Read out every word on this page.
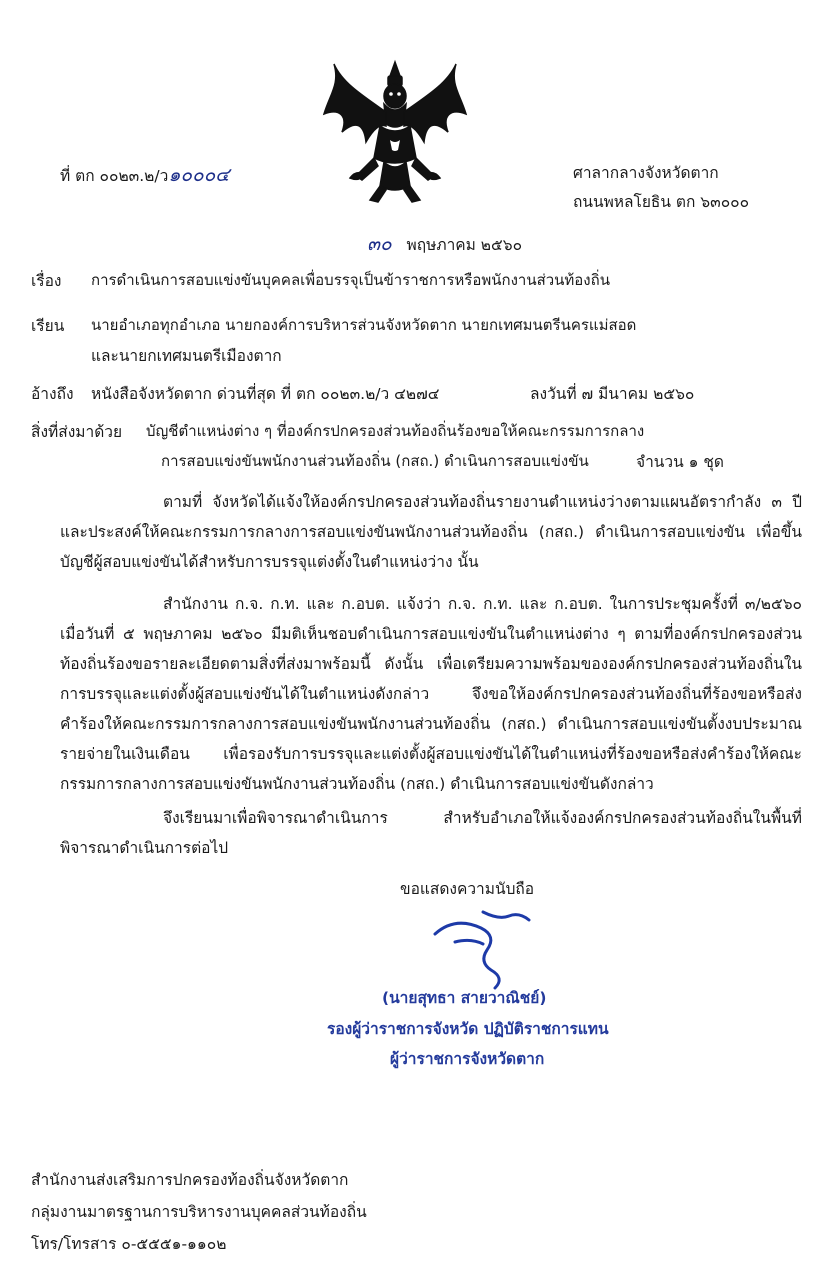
ที่ ตก ๐๐๒๓.๒/ว๑๐๐๐๔	ศาลากลางจังหวัดตาก
ถนนพหลโยธิน ตก ๖๓๐๐๐
๓๐ พฤษภาคม ๒๕๖๐
เรื่อง การดำเนินการสอบแข่งขันบุคคลเพื่อบรรจุเป็นข้าราชการหรือพนักงานส่วนท้องถิ่น
เรียน นายอำเภอทุกอำเภอ นายกองค์การบริหารส่วนจังหวัดตาก นายกเทศมนตรีนครแม่สอด
และนายกเทศมนตรีเมืองตาก
อ้างถึง หนังสือจังหวัดตาก ด่วนที่สุด ที่ ตก ๐๐๒๓.๒/ว ๔๒๗๔	ลงวันที่ ๗ มีนาคม ๒๕๖๐
สิ่งที่ส่งมาด้วย บัญชีตำแหน่งต่าง ๆ ที่องค์กรปกครองส่วนท้องถิ่นร้องขอให้คณะกรรมการกลาง
การสอบแข่งขันพนักงานส่วนท้องถิ่น (กสถ.) ดำเนินการสอบแข่งขัน	จำนวน ๑ ชุด
ตามที่ จังหวัดได้แจ้งให้องค์กรปกครองส่วนท้องถิ่นรายงานตำแหน่งว่างตามแผนอัตรากำลัง ๓ ปี และประสงค์ให้คณะกรรมการกลางการสอบแข่งขันพนักงานส่วนท้องถิ่น (กสถ.) ดำเนินการสอบแข่งขัน เพื่อขึ้นบัญชีผู้สอบแข่งขันได้สำหรับการบรรจุแต่งตั้งในตำแหน่งว่าง นั้น
สำนักงาน ก.จ. ก.ท. และ ก.อบต. แจ้งว่า ก.จ. ก.ท. และ ก.อบต. ในการประชุมครั้งที่ ๓/๒๕๖๐ เมื่อวันที่ ๕ พฤษภาคม ๒๕๖๐ มีมติเห็นชอบดำเนินการสอบแข่งขันในตำแหน่งต่าง ๆ ตามที่องค์กรปกครองส่วนท้องถิ่นร้องขอรายละเอียดตามสิ่งที่ส่งมาพร้อมนี้ ดังนั้น เพื่อเตรียมความพร้อมขององค์กรปกครองส่วนท้องถิ่นในการบรรจุและแต่งตั้งผู้สอบแข่งขันได้ในตำแหน่งดังกล่าว จึงขอให้องค์กรปกครองส่วนท้องถิ่นที่ร้องขอหรือส่งคำร้องให้คณะกรรมการกลางการสอบแข่งขันพนักงานส่วนท้องถิ่น (กสถ.) ดำเนินการสอบแข่งขันตั้งงบประมาณรายจ่ายในเงินเดือน เพื่อรองรับการบรรจุและแต่งตั้งผู้สอบแข่งขันได้ในตำแหน่งที่ร้องขอหรือส่งคำร้องให้คณะกรรมการกลางการสอบแข่งขันพนักงานส่วนท้องถิ่น (กสถ.) ดำเนินการสอบแข่งขันดังกล่าว
จึงเรียนมาเพื่อพิจารณาดำเนินการ สำหรับอำเภอให้แจ้งองค์กรปกครองส่วนท้องถิ่นในพื้นที่พิจารณาดำเนินการต่อไป
ขอแสดงความนับถือ
(นายสุทธา สายวาณิชย์)
รองผู้ว่าราชการจังหวัด ปฏิบัติราชการแทน
ผู้ว่าราชการจังหวัดตาก
สำนักงานส่งเสริมการปกครองท้องถิ่นจังหวัดตาก
กลุ่มงานมาตรฐานการบริหารงานบุคคลส่วนท้องถิ่น
โทร/โทรสาร ๐-๕๕๕๑-๑๑๐๒
